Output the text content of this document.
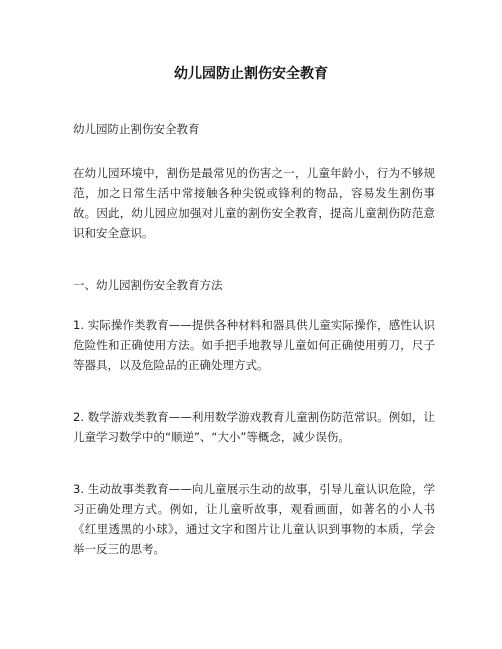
幼儿园防止割伤安全教育
幼儿园防止割伤安全教育

在幼儿园环境中，割伤是最常见的伤害之一，儿童年龄小，行为不够规范，加之日常生活中常接触各种尖锐或锋利的物品，容易发生割伤事故。因此，幼儿园应加强对儿童的割伤安全教育，提高儿童割伤防范意识和安全意识。

一、幼儿园割伤安全教育方法

1. 实际操作类教育——提供各种材料和器具供儿童实际操作，感性认识危险性和正确使用方法。如手把手地教导儿童如何正确使用剪刀，尺子等器具，以及危险品的正确处理方式。

2. 数学游戏类教育——利用数学游戏教育儿童割伤防范常识。例如，让儿童学习数学中的“顺逆”、“大小”等概念，减少误伤。

3. 生动故事类教育——向儿童展示生动的故事，引导儿童认识危险，学习正确处理方式。例如，让儿童听故事，观看画面，如著名的小人书《红里透黑的小球》，通过文字和图片让儿童认识到事物的本质，学会举一反三的思考。
